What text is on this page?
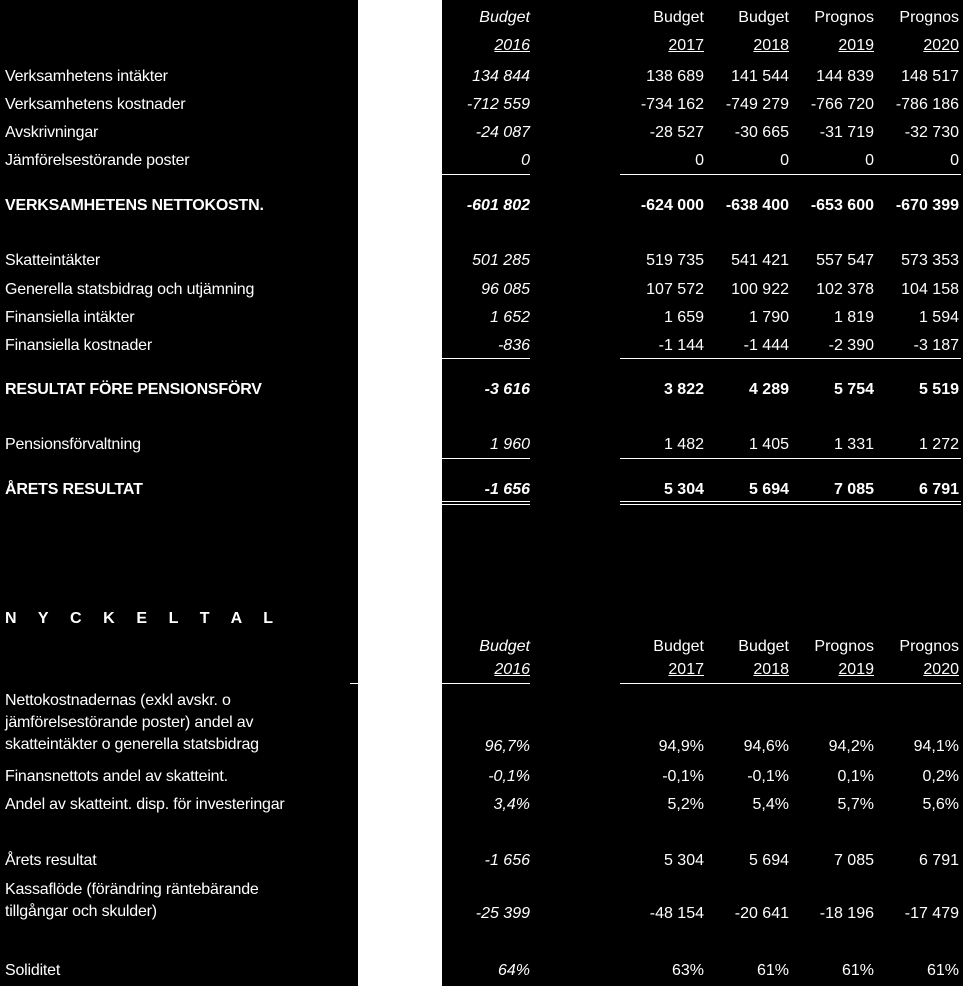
Budget	Budget	Budget	Prognos	Prognos
2016	2017	2018	2019	2020
Verksamhetens intäkter	134 844	138 689	141 544	144 839	148 517
Verksamhetens kostnader	-712 559	-734 162	-749 279	-766 720	-786 186
Avskrivningar	-24 087	-28 527	-30 665	-31 719	-32 730
Jämförelsestörande poster	0	0	0	0	0
VERKSAMHETENS NETTOKOSTN.	-601 802	-624 000	-638 400	-653 600	-670 399
Skatteintäkter	501 285	519 735	541 421	557 547	573 353
Generella statsbidrag och utjämning	96 085	107 572	100 922	102 378	104 158
Finansiella intäkter	1 652	1 659	1 790	1 819	1 594
Finansiella kostnader	-836	-1 144	-1 444	-2 390	-3 187
RESULTAT FÖRE PENSIONSFÖRV	-3 616	3 822	4 289	5 754	5 519
Pensionsförvaltning	1 960	1 482	1 405	1 331	1 272
ÅRETS RESULTAT	-1 656	5 304	5 694	7 085	6 791
N Y C K E L T A L
Budget	Budget	Budget	Prognos	Prognos
2016	2017	2018	2019	2020
Nettokostnadernas (exkl avskr. o
jämförelsestörande poster) andel av
skatteintäkter o generella statsbidrag	96,7%	94,9%	94,6%	94,2%	94,1%
Finansnettots andel av skatteint.	-0,1%	-0,1%	-0,1%	0,1%	0,2%
Andel av skatteint. disp. för investeringar	3,4%	5,2%	5,4%	5,7%	5,6%
Årets resultat	-1 656	5 304	5 694	7 085	6 791
Kassaflöde (förändring räntebärande
tillgångar och skulder)	-25 399	-48 154	-20 641	-18 196	-17 479
Soliditet	64%	63%	61%	61%	61%
